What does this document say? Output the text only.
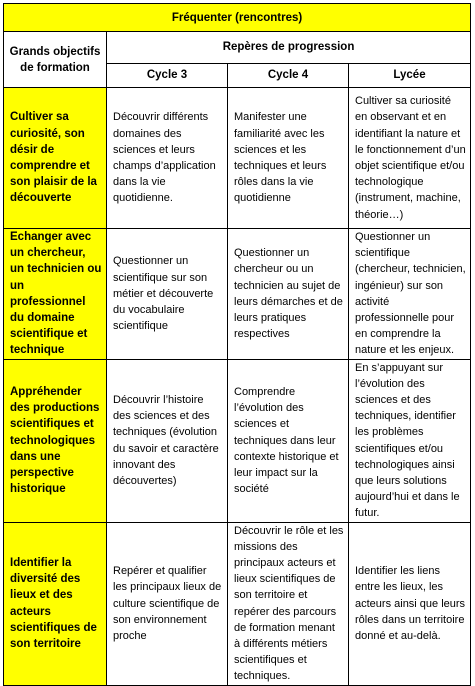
Fréquenter (rencontres)			
Grands objectifs de formation	Repères de progression		
	Cycle 3	Cycle 4	Lycée
Cultiver sa curiosité, son désir de comprendre et son plaisir de la découverte	Découvrir différents domaines des sciences et leurs champs d’application dans la vie quotidienne.	Manifester une familiarité avec les sciences et les techniques et leurs rôles dans la vie quotidienne	Cultiver sa curiosité en observant et en identifiant la nature et le fonctionnement d’un objet scientifique et/ou technologique (instrument, machine, théorie…)
Echanger avec un chercheur, un technicien ou un professionnel du domaine scientifique et technique	Questionner un scientifique sur son métier et découverte du vocabulaire scientifique	Questionner un chercheur ou un technicien au sujet de leurs démarches et de leurs pratiques respectives	Questionner un scientifique (chercheur, technicien, ingénieur) sur son activité professionnelle pour en comprendre la nature et les enjeux.
Appréhender des productions scientifiques et technologiques dans une perspective historique	Découvrir l’histoire des sciences et des techniques (évolution du savoir et caractère innovant des découvertes)	Comprendre l’évolution des sciences et techniques dans leur contexte historique et leur impact sur la société	En s’appuyant sur l’évolution des sciences et des techniques, identifier les problèmes scientifiques et/ou technologiques ainsi que leurs solutions aujourd’hui et dans le futur.
Identifier la diversité des lieux et des acteurs scientifiques de son territoire	Repérer et qualifier les principaux lieux de culture scientifique de son environnement proche	Découvrir le rôle et les missions des principaux acteurs et lieux scientifiques de son territoire et repérer des parcours de formation menant à différents métiers scientifiques et techniques.	Identifier les liens entre les lieux, les acteurs ainsi que leurs rôles dans un territoire donné et au-delà.
